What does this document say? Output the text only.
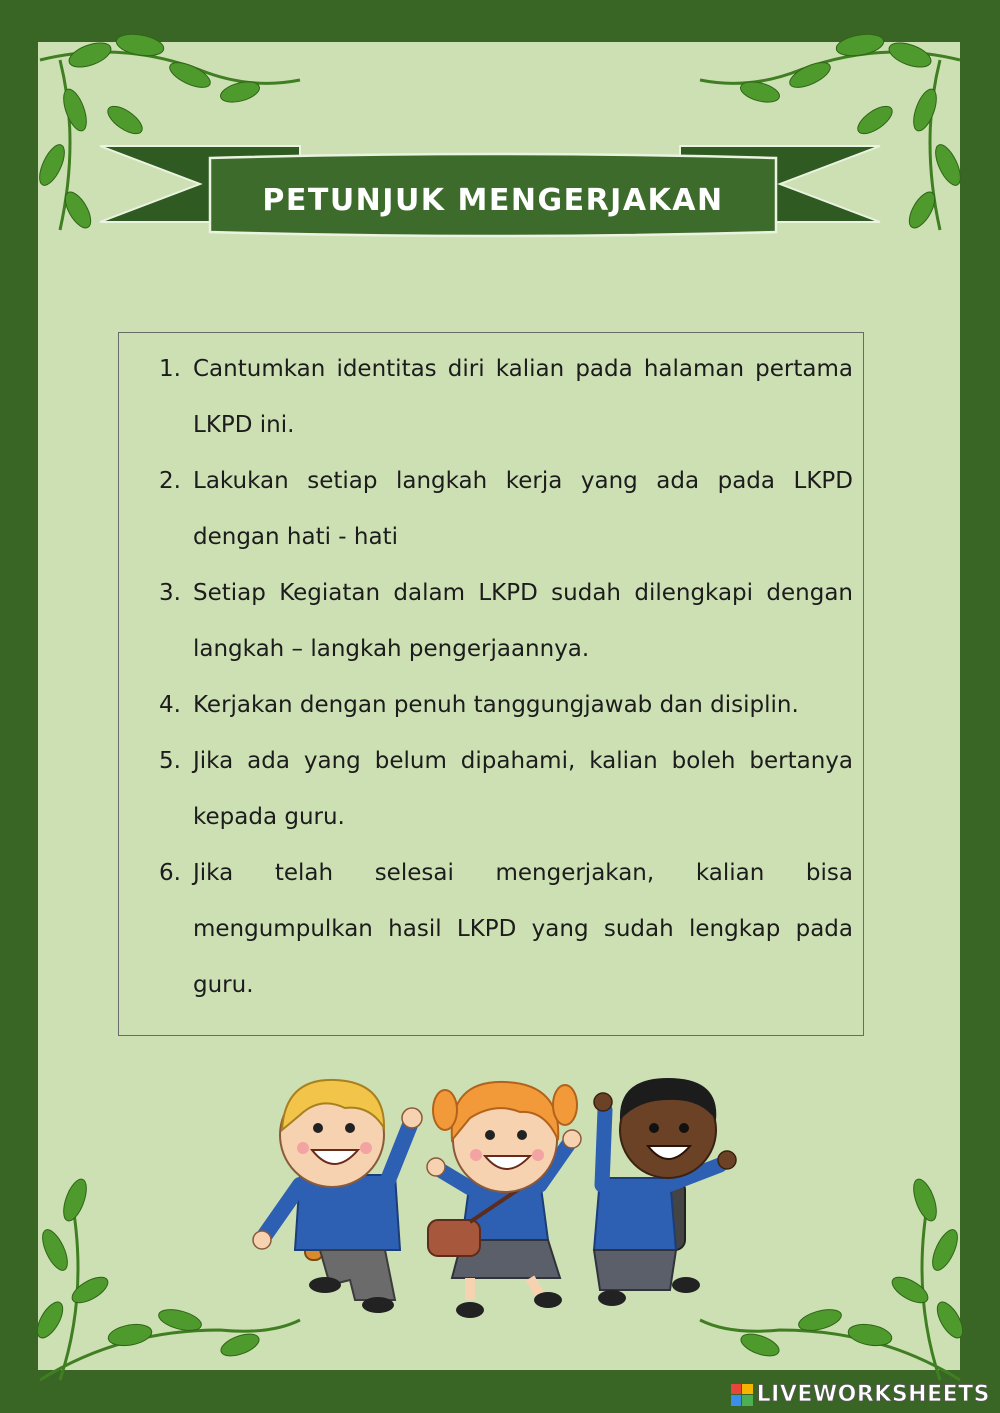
PETUNJUK MENGERJAKAN
1. Cantumkan identitas diri kalian pada halaman pertama LKPD ini.
2. Lakukan setiap langkah kerja yang ada pada LKPD dengan hati - hati
3. Setiap Kegiatan dalam LKPD sudah dilengkapi dengan langkah – langkah pengerjaannya.
4. Kerjakan dengan penuh tanggungjawab dan disiplin.
5. Jika ada yang belum dipahami, kalian boleh bertanya kepada guru.
6. Jika telah selesai mengerjakan, kalian bisa mengumpulkan hasil LKPD yang sudah lengkap pada guru.
LIVEWORKSHEETS
